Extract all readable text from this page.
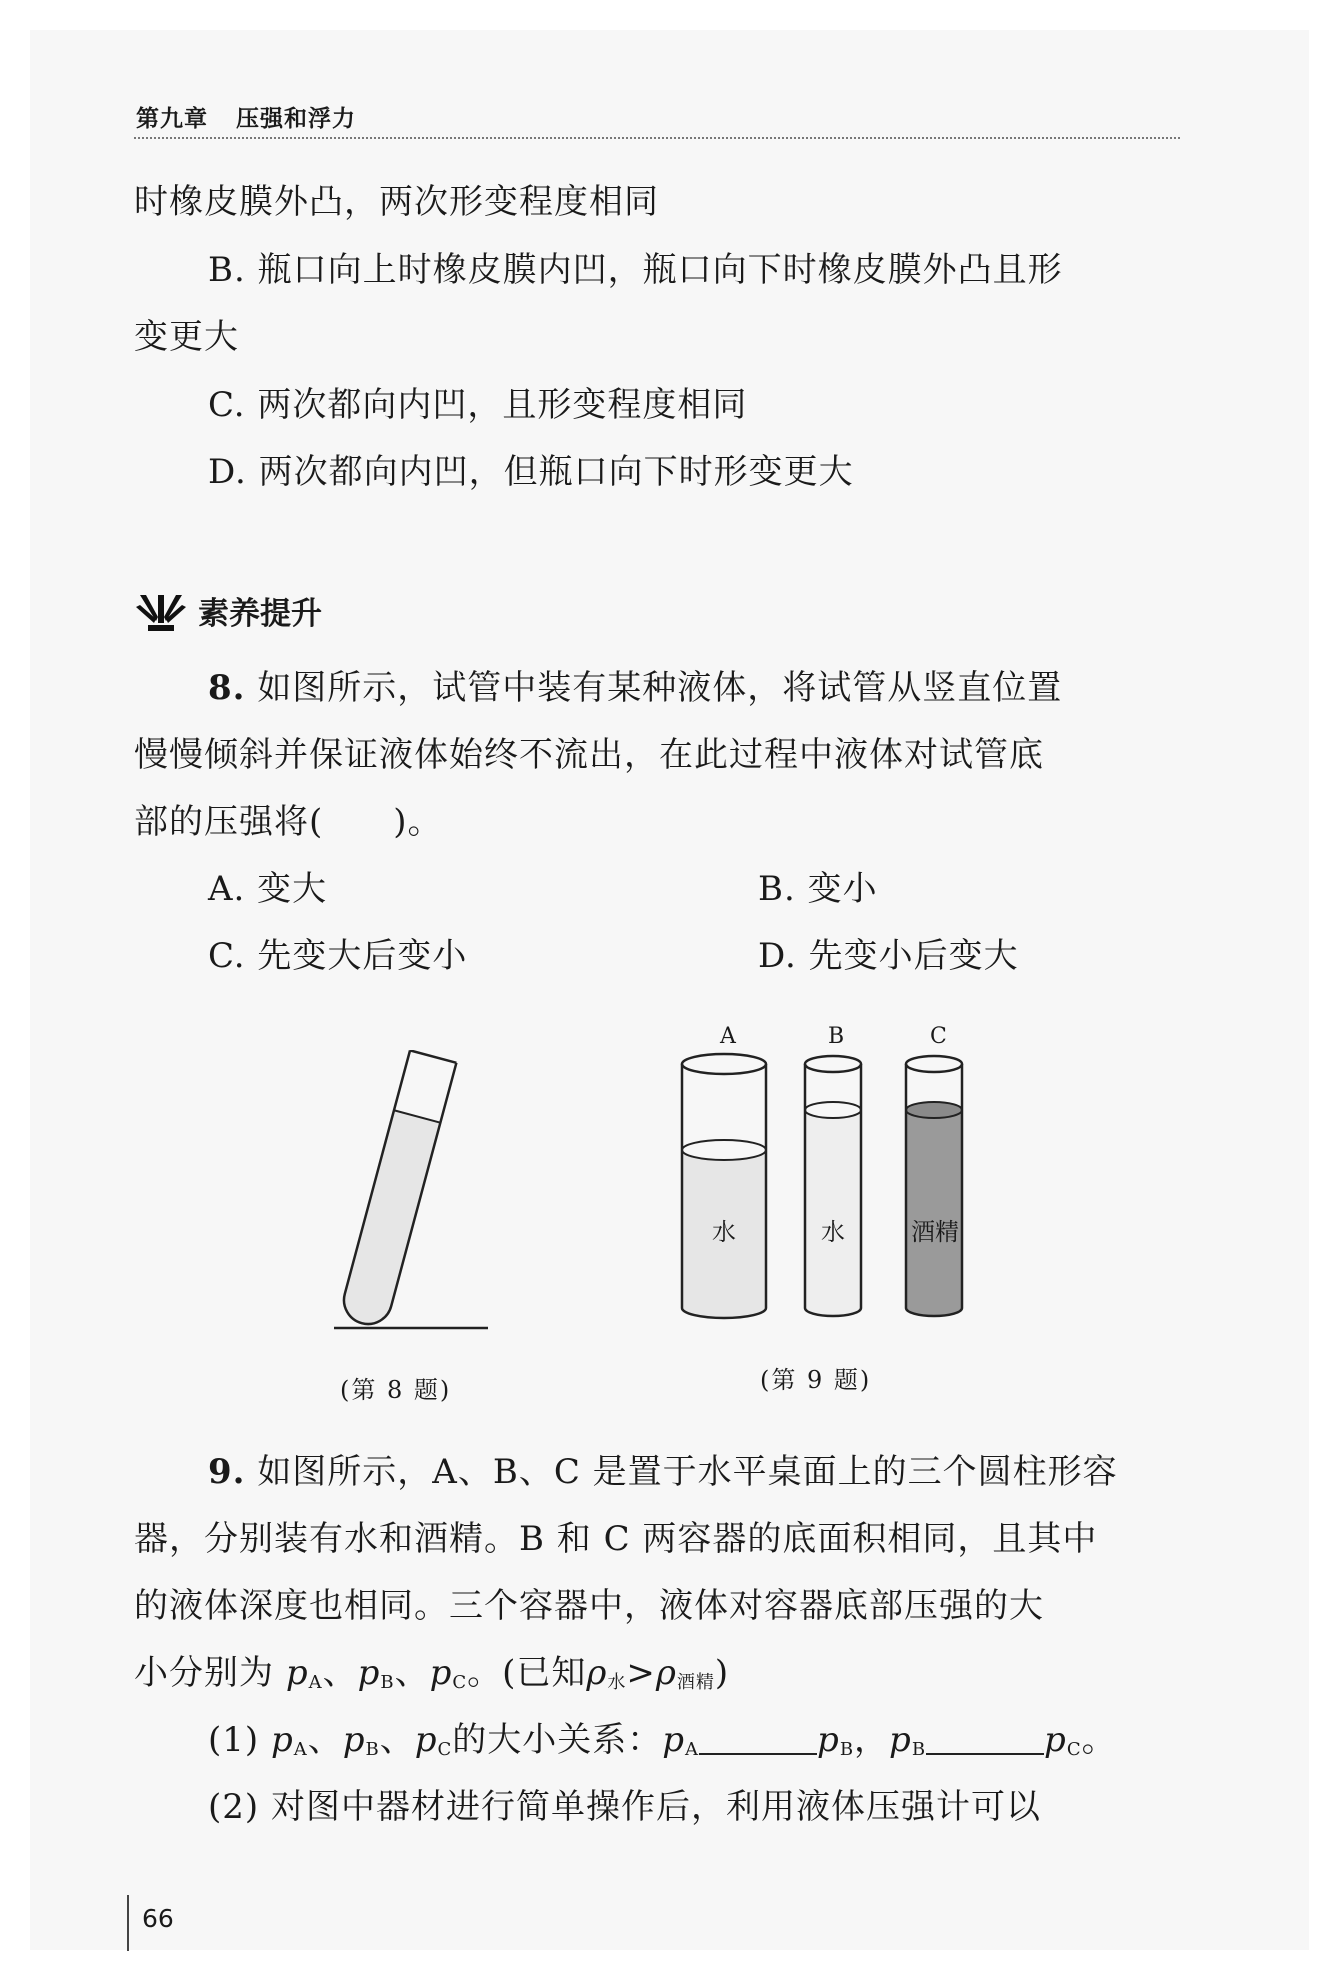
第九章 压强和浮力
时橡皮膜外凸，两次形变程度相同
B. 瓶口向上时橡皮膜内凹，瓶口向下时橡皮膜外凸且形
变更大
C. 两次都向内凹，且形变程度相同
D. 两次都向内凹，但瓶口向下时形变更大
素养提升
8. 如图所示，试管中装有某种液体，将试管从竖直位置
慢慢倾斜并保证液体始终不流出，在此过程中液体对试管底
部的压强将(　　)。
A. 变大	B. 变小
C. 先变大后变小	D. 先变小后变大
(第 8 题)
A	B	C
水	水	酒精
(第 9 题)
9. 如图所示，A、B、C 是置于水平桌面上的三个圆柱形容
器，分别装有水和酒精。B 和 C 两容器的底面积相同，且其中
的液体深度也相同。三个容器中，液体对容器底部压强的大
小分别为 $p_A$、$p_B$、$p_C$。(已知$\rho_水>\rho_{酒精}$)
(1) $p_A$、$p_B$、$p_C$的大小关系：$p_A$	$p_B$，$p_B$	$p_C$。
(2) 对图中器材进行简单操作后，利用液体压强计可以
66
